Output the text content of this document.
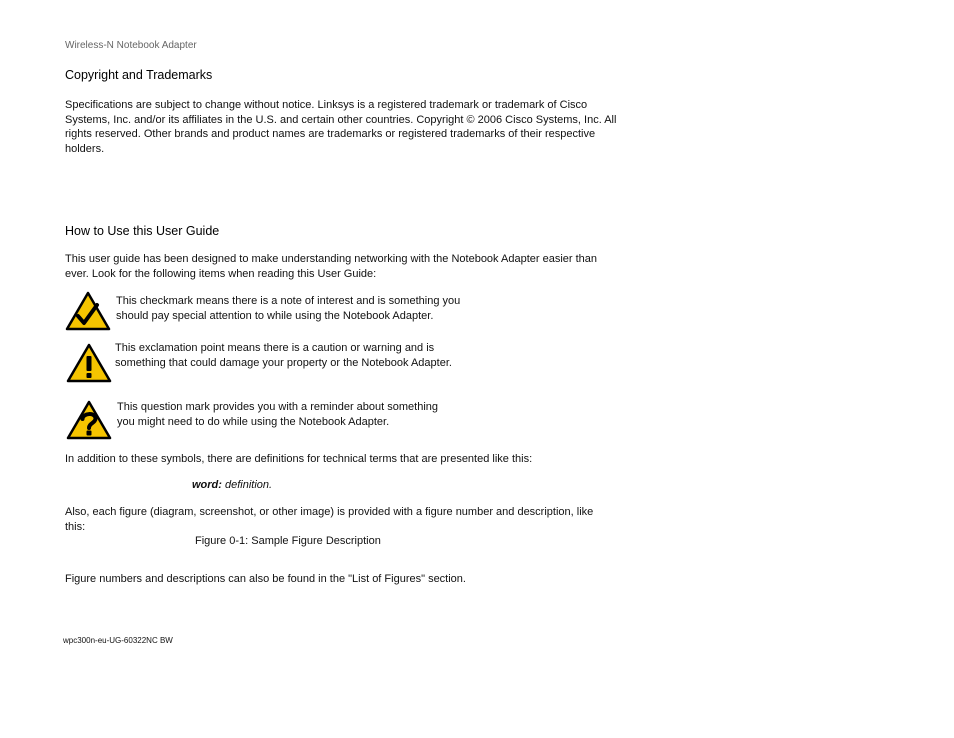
Wireless-N Notebook Adapter
Copyright and Trademarks
Specifications are subject to change without notice. Linksys is a registered trademark or trademark of Cisco
Systems, Inc. and/or its affiliates in the U.S. and certain other countries. Copyright © 2006 Cisco Systems, Inc. All
rights reserved. Other brands and product names are trademarks or registered trademarks of their respective
holders.
How to Use this User Guide
This user guide has been designed to make understanding networking with the Notebook Adapter easier than
ever. Look for the following items when reading this User Guide:
This checkmark means there is a note of interest and is something you
should pay special attention to while using the Notebook Adapter.
This exclamation point means there is a caution or warning and is
something that could damage your property or the Notebook Adapter.
This question mark provides you with a reminder about something
you might need to do while using the Notebook Adapter.
In addition to these symbols, there are definitions for technical terms that are presented like this:
word: definition.
Also, each figure (diagram, screenshot, or other image) is provided with a figure number and description, like
this:
Figure 0-1: Sample Figure Description
Figure numbers and descriptions can also be found in the "List of Figures" section.
wpc300n-eu-UG-60322NC BW
